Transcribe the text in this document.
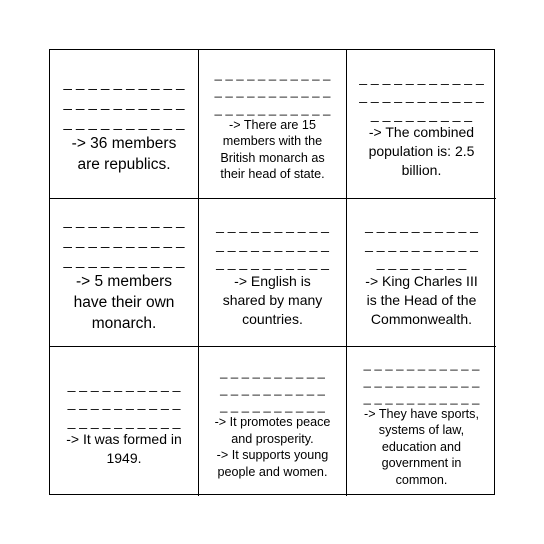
_ _ _ _ _ _ _ _ _ _
_ _ _ _ _ _ _ _ _ _
_ _ _ _ _ _ _ _ _ _
-> 36 members
are republics.
_ _ _ _ _ _ _ _ _ _ _
_ _ _ _ _ _ _ _ _ _ _
_ _ _ _ _ _ _ _ _ _ _
-> There are 15
members with the
British monarch as
their head of state.
_ _ _ _ _ _ _ _ _ _ _
_ _ _ _ _ _ _ _ _ _ _
_ _ _ _ _ _ _ _ _
-> The combined
population is: 2.5
billion.
_ _ _ _ _ _ _ _ _ _
_ _ _ _ _ _ _ _ _ _
_ _ _ _ _ _ _ _ _ _
-> 5 members
have their own
monarch.
_ _ _ _ _ _ _ _ _ _
_ _ _ _ _ _ _ _ _ _
_ _ _ _ _ _ _ _ _ _
-> English is
shared by many
countries.
_ _ _ _ _ _ _ _ _ _
_ _ _ _ _ _ _ _ _ _
_ _ _ _ _ _ _ _
-> King Charles III
is the Head of the
Commonwealth.
_ _ _ _ _ _ _ _ _ _
_ _ _ _ _ _ _ _ _ _
_ _ _ _ _ _ _ _ _ _
-> It was formed in
1949.
_ _ _ _ _ _ _ _ _ _
_ _ _ _ _ _ _ _ _ _
_ _ _ _ _ _ _ _ _ _
-> It promotes peace
and prosperity.
-> It supports young
people and women.
_ _ _ _ _ _ _ _ _ _ _
_ _ _ _ _ _ _ _ _ _ _
_ _ _ _ _ _ _ _ _ _ _
-> They have sports,
systems of law,
education and
government in
common.
